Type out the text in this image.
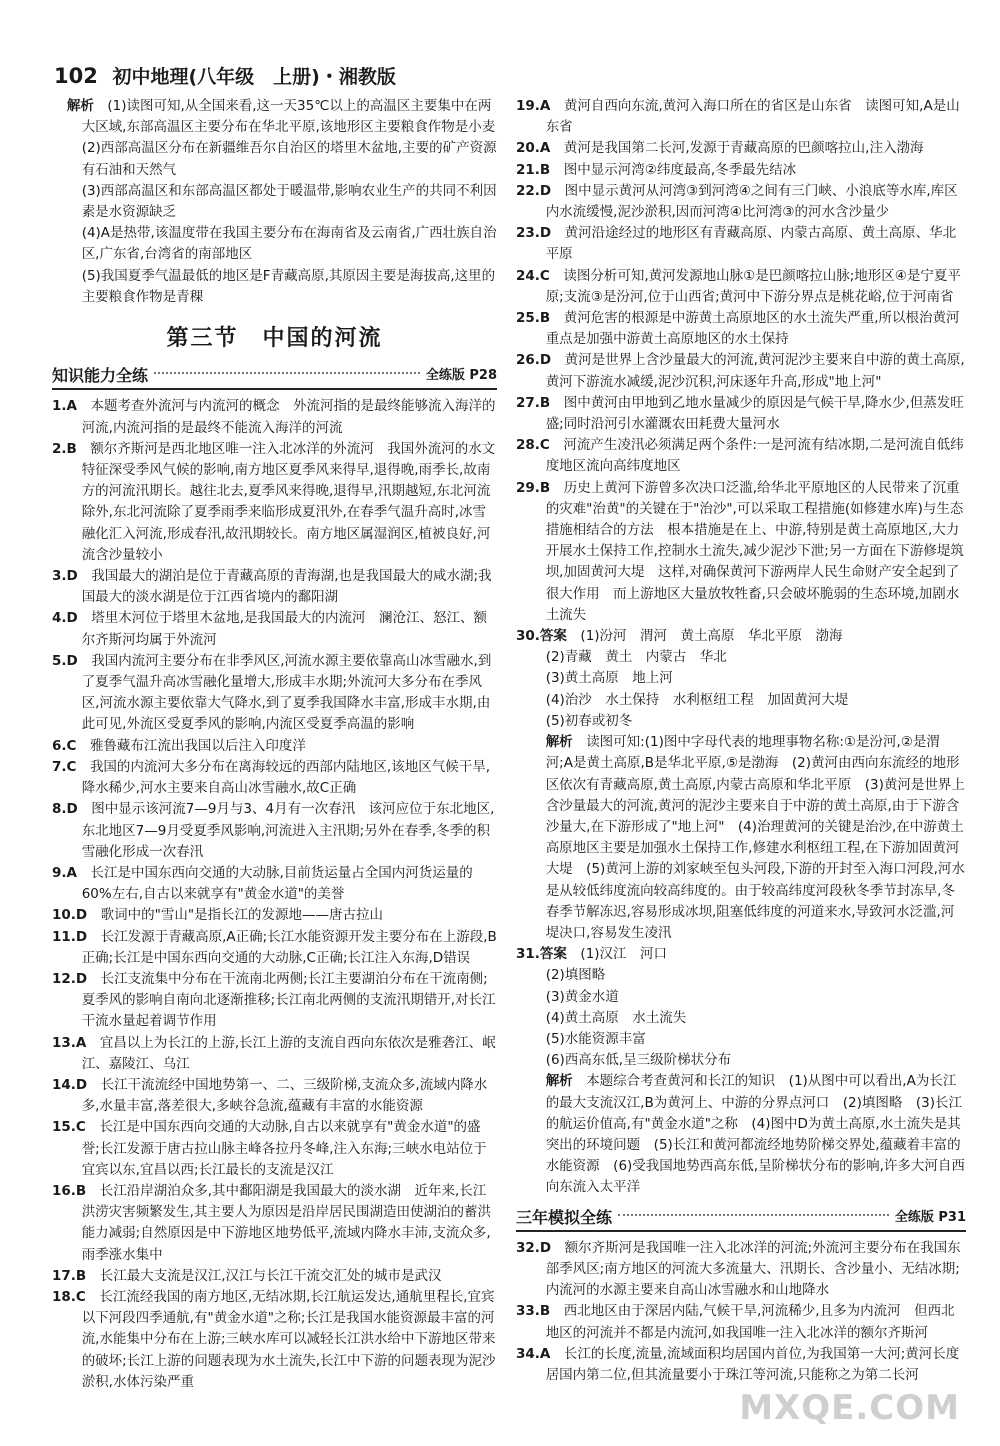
102 初中地理(八年级　上册)・湘教版

解析　 (1)读图可知,从全国来看,这一天35℃以上的高温区主要集中在两大区域,东部高温区主要分布在华北平原,该地形区主要粮食作物是小麦

(2)西部高温区分布在新疆维吾尔自治区的塔里木盆地,主要的矿产资源有石油和天然气

(3)西部高温区和东部高温区都处于暖温带,影响农业生产的共同不利因素是水资源缺乏

(4)A是热带,该温度带在我国主要分布在海南省及云南省,广西壮族自治区,广东省,台湾省的南部地区

(5)我国夏季气温最低的地区是F青藏高原,其原因主要是海拔高,这里的主要粮食作物是青稞

第三节　中国的河流
知识能力全练	全练版 P28

1.A　 本题考查外流河与内流河的概念　外流河指的是最终能够流入海洋的河流,内流河指的是最终不能流入海洋的河流

2.B　 额尔齐斯河是西北地区唯一注入北冰洋的外流河　我国外流河的水文特征深受季风气候的影响,南方地区夏季风来得早,退得晚,雨季长,故南方的河流汛期长。越往北去,夏季风来得晚,退得早,汛期越短,东北河流除外,东北河流除了夏季雨季来临形成夏汛外,在春季气温升高时,冰雪融化汇入河流,形成春汛,故汛期较长。南方地区属湿润区,植被良好,河流含沙量较小

3.D　 我国最大的湖泊是位于青藏高原的青海湖,也是我国最大的咸水湖;我国最大的淡水湖是位于江西省境内的鄱阳湖

4.D　 塔里木河位于塔里木盆地,是我国最大的内流河　澜沧江、怒江、额尔齐斯河均属于外流河

5.D　 我国内流河主要分布在非季风区,河流水源主要依靠高山冰雪融水,到了夏季气温升高冰雪融化量增大,形成丰水期;外流河大多分布在季风区,河流水源主要依靠大气降水,到了夏季我国降水丰富,形成丰水期,由此可见,外流区受夏季风的影响,内流区受夏季高温的影响

6.C　 雅鲁藏布江流出我国以后注入印度洋

7.C　 我国的内流河大多分布在离海较远的西部内陆地区,该地区气候干旱,降水稀少,河水主要来自高山冰雪融水,故C正确

8.D　 图中显示该河流7—9月与3、4月有一次春汛　该河应位于东北地区,东北地区7—9月受夏季风影响,河流进入主汛期;另外在春季,冬季的积雪融化形成一次春汛

9.A　 长江是中国东西向交通的大动脉,目前货运量占全国内河货运量的60%左右,自古以来就享有"黄金水道"的美誉

10.D　 歌词中的"雪山"是指长江的发源地——唐古拉山

11.D　 长江发源于青藏高原,A正确;长江水能资源开发主要分布在上游段,B正确;长江是中国东西向交通的大动脉,C正确;长江注入东海,D错误

12.D　 长江支流集中分布在干流南北两侧;长江主要湖泊分布在干流南侧;夏季风的影响自南向北逐渐推移;长江南北两侧的支流汛期错开,对长江干流水量起着调节作用

13.A　 宜昌以上为长江的上游,长江上游的支流自西向东依次是雅砻江、岷江、嘉陵江、乌江

14.D　 长江干流流经中国地势第一、二、三级阶梯,支流众多,流域内降水多,水量丰富,落差很大,多峡谷急流,蕴藏有丰富的水能资源

15.C　 长江是中国东西向交通的大动脉,自古以来就享有"黄金水道"的盛誉;长江发源于唐古拉山脉主峰各拉丹冬峰,注入东海;三峡水电站位于宜宾以东,宜昌以西;长江最长的支流是汉江

16.B　 长江沿岸湖泊众多,其中鄱阳湖是我国最大的淡水湖　近年来,长江洪涝灾害频繁发生,其主要人为原因是沿岸居民围湖造田使湖泊的蓄洪能力减弱;自然原因是中下游地区地势低平,流域内降水丰沛,支流众多,雨季涨水集中

17.B　 长江最大支流是汉江,汉江与长江干流交汇处的城市是武汉

18.C　 长江流经我国的南方地区,无结冰期,长江航运发达,通航里程长,宜宾以下河段四季通航,有"黄金水道"之称;长江是我国水能资源最丰富的河流,水能集中分布在上游;三峡水库可以减轻长江洪水给中下游地区带来的破坏;长江上游的问题表现为水土流失,长江中下游的问题表现为泥沙淤积,水体污染严重

19.A　 黄河自西向东流,黄河入海口所在的省区是山东省　读图可知,A是山东省

20.A　 黄河是我国第二长河,发源于青藏高原的巴颜喀拉山,注入渤海

21.B　 图中显示河湾②纬度最高,冬季最先结冰

22.D　 图中显示黄河从河湾③到河湾④之间有三门峡、小浪底等水库,库区内水流缓慢,泥沙淤积,因而河湾④比河湾③的河水含沙量少

23.D　 黄河沿途经过的地形区有青藏高原、内蒙古高原、黄土高原、华北平原

24.C　 读图分析可知,黄河发源地山脉①是巴颜喀拉山脉;地形区④是宁夏平原;支流③是汾河,位于山西省;黄河中下游分界点是桃花峪,位于河南省

25.B　 黄河危害的根源是中游黄土高原地区的水土流失严重,所以根治黄河重点是加强中游黄土高原地区的水土保持

26.D　 黄河是世界上含沙量最大的河流,黄河泥沙主要来自中游的黄土高原,黄河下游流水减缓,泥沙沉积,河床逐年升高,形成"地上河"

27.B　 图中黄河由甲地到乙地水量减少的原因是气候干旱,降水少,但蒸发旺盛;同时沿河引水灌溉农田耗费大量河水

28.C　 河流产生凌汛必须满足两个条件:一是河流有结冰期,二是河流自低纬度地区流向高纬度地区

29.B　 历史上黄河下游曾多次决口泛滥,给华北平原地区的人民带来了沉重的灾难"治黄"的关键在于"治沙",可以采取工程措施(如修建水库)与生态措施相结合的方法　根本措施是在上、中游,特别是黄土高原地区,大力开展水土保持工作,控制水土流失,减少泥沙下泄;另一方面在下游修堤筑坝,加固黄河大堤　这样,对确保黄河下游两岸人民生命财产安全起到了很大作用　而上游地区大量放牧牲畜,只会破坏脆弱的生态环境,加剧水土流失

30.答案　 (1)汾河　渭河　黄土高原　华北平原　渤海

(2)青藏　黄土　内蒙古　华北

(3)黄土高原　地上河

(4)治沙　水土保持　水利枢纽工程　加固黄河大堤

(5)初春或初冬

解析　 读图可知:(1)图中字母代表的地理事物名称:①是汾河,②是渭河;A是黄土高原,B是华北平原,⑤是渤海　(2)黄河由西向东流经的地形区依次有青藏高原,黄土高原,内蒙古高原和华北平原　(3)黄河是世界上含沙量最大的河流,黄河的泥沙主要来自于中游的黄土高原,由于下游含沙量大,在下游形成了"地上河"　(4)治理黄河的关键是治沙,在中游黄土高原地区主要是加强水土保持工作,修建水利枢纽工程,在下游加固黄河大堤　(5)黄河上游的刘家峡至包头河段,下游的开封至入海口河段,河水是从较低纬度流向较高纬度的。由于较高纬度河段秋冬季节封冻早,冬春季节解冻迟,容易形成冰坝,阻塞低纬度的河道来水,导致河水泛滥,河堤决口,容易发生凌汛

31.答案　 (1)汉江　河口

(2)填图略

(3)黄金水道

(4)黄土高原　水土流失

(5)水能资源丰富

(6)西高东低,呈三级阶梯状分布

解析　 本题综合考查黄河和长江的知识　(1)从图中可以看出,A为长江的最大支流汉江,B为黄河上、中游的分界点河口　(2)填图略　(3)长江的航运价值高,有"黄金水道"之称　(4)图中D为黄土高原,水土流失是其突出的环境问题　(5)长江和黄河都流经地势阶梯交界处,蕴藏着丰富的水能资源　(6)受我国地势西高东低,呈阶梯状分布的影响,许多大河自西向东流入太平洋

三年模拟全练	全练版 P31

32.D　 额尔齐斯河是我国唯一注入北冰洋的河流;外流河主要分布在我国东部季风区;南方地区的河流大多流量大、汛期长、含沙量小、无结冰期;内流河的水源主要来自高山冰雪融水和山地降水

33.B　 西北地区由于深居内陆,气候干旱,河流稀少,且多为内流河　但西北地区的河流并不都是内流河,如我国唯一注入北冰洋的额尔齐斯河

34.A　 长江的长度,流量,流域面积均居国内首位,为我国第一大河;黄河长度居国内第二位,但其流量要小于珠江等河流,只能称之为第二长河

MXQE.COM
